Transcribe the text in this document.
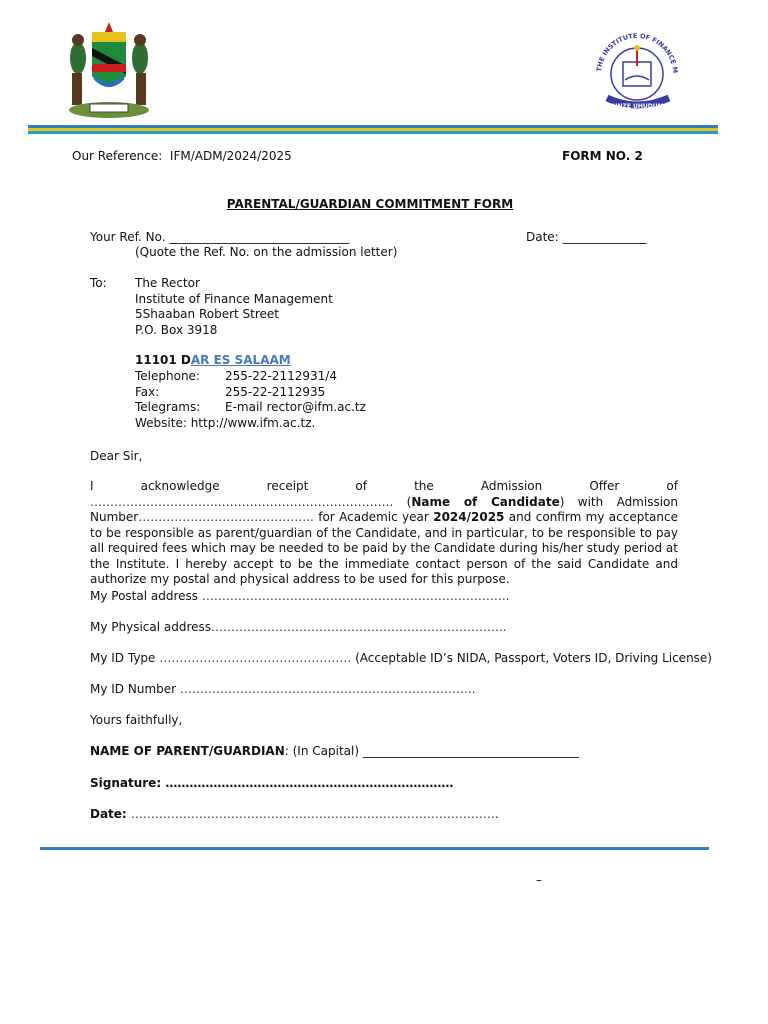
THE INSTITUTE OF FINANCE M
JIFUNZE UHUDUMIE
Our Reference: IFM/ADM/2024/2025	FORM NO. 2
PARENTAL/GUARDIAN COMMITMENT FORM
Your Ref. No. ______________________________
(Quote the Ref. No. on the admission letter)
Date: ______________
To: The Rector
Institute of Finance Management
5Shaaban Robert Street
P.O. Box 3918
11101 DAR ES SALAAM
Telephone: 255-22-2112931/4
Fax:	255-22-2112935
Telegrams: E-mail rector@ifm.ac.tz
Website: http://www.ifm.ac.tz.
Dear Sir,
I acknowledge receipt of the Admission Offer of …………………………..…………………………………….. (Name of Candidate) with Admission Number…………………………………….. for Academic year 2024/2025 and confirm my acceptance to be responsible as parent/guardian of the Candidate, and in particular, to be responsible to pay all required fees which may be needed to be paid by the Candidate during his/her study period at the Institute. I hereby accept to be the immediate contact person of the said Candidate and authorize my postal and physical address to be used for this purpose.
My Postal address …………………………………………………………………..
My Physical address………………………………………………………………..
My ID Type ………………………………………… (Acceptable ID’s NIDA, Passport, Voters ID, Driving License)
My ID Number ………………………………………………………………..
Yours faithfully,
NAME OF PARENT/GUARDIAN: (In Capital) ____________________________________
Signature: ………………………………………………………………
Date: ………………………………………………………………………………..
–
